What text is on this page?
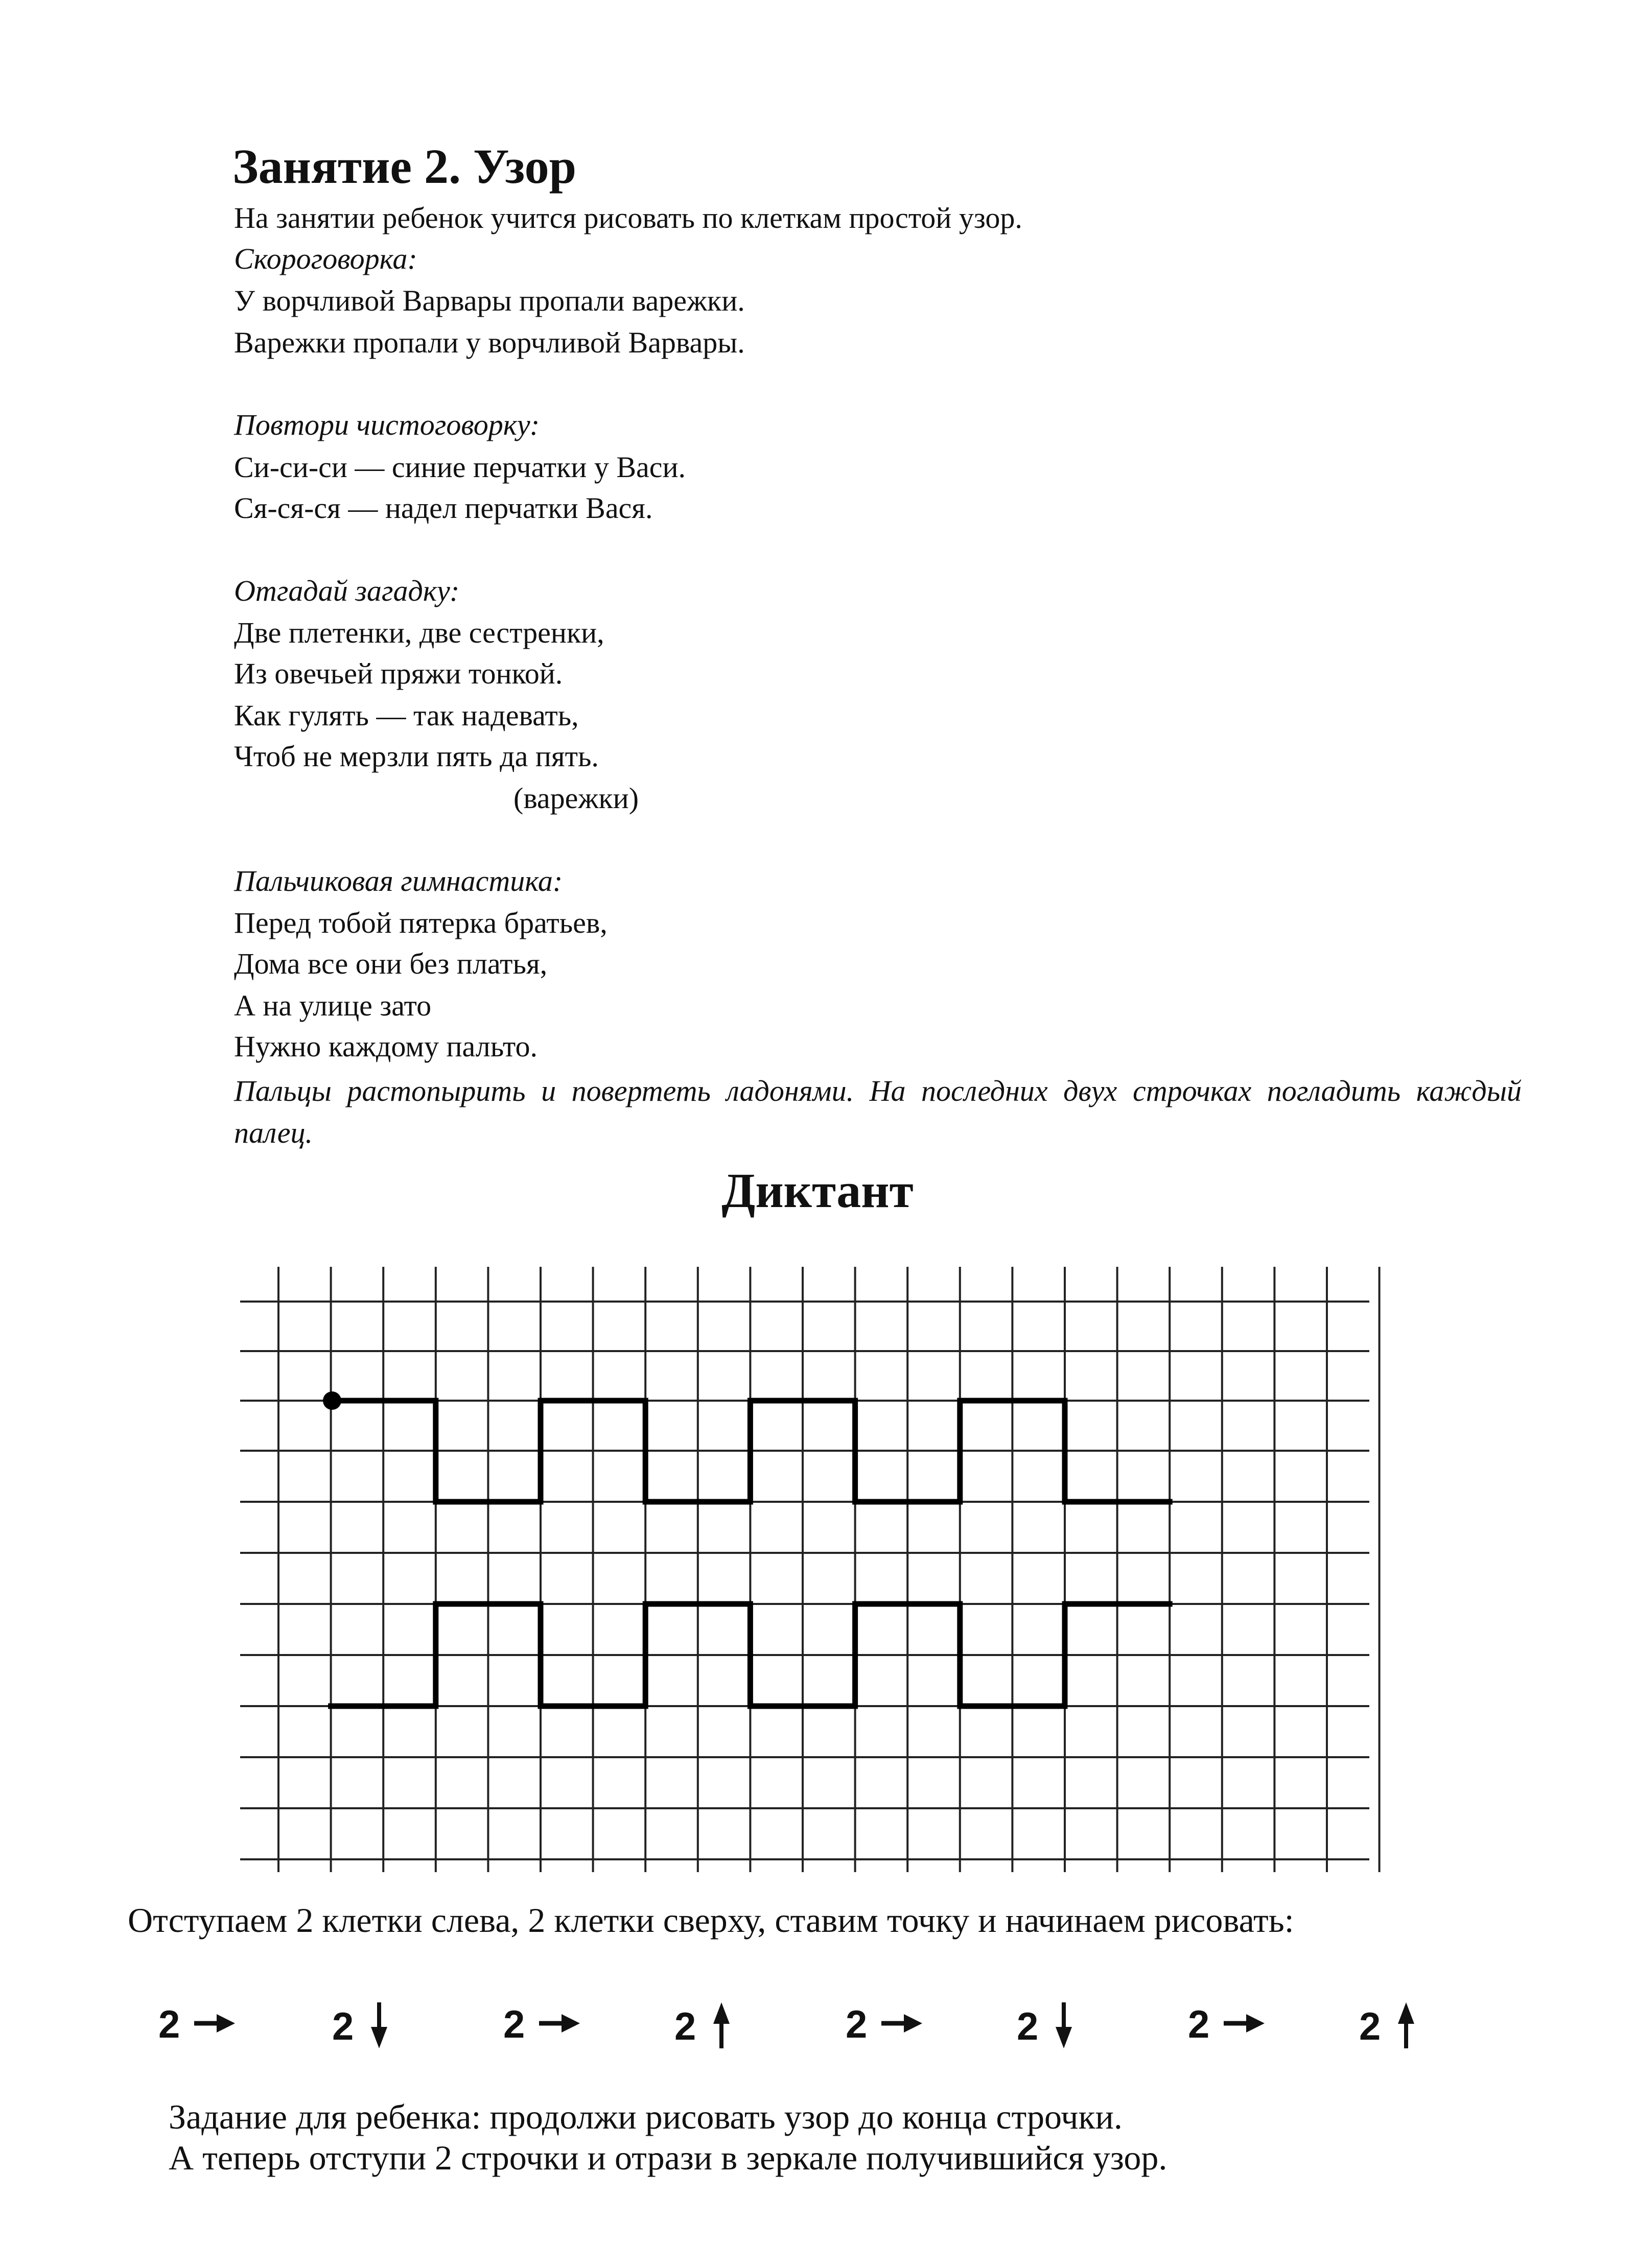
Занятие 2. Узор
На занятии ребенок учится рисовать по клеткам простой узор.
Скороговорка:
У ворчливой Варвары пропали варежки.
Варежки пропали у ворчливой Варвары.
Повтори чистоговорку:
Си-си-си — синие перчатки у Васи.
Ся-ся-ся — надел перчатки Вася.
Отгадай загадку:
Две плетенки, две сестренки,
Из овечьей пряжи тонкой.
Как гулять — так надевать,
Чтоб не мерзли пять да пять.
(варежки)
Пальчиковая гимнастика:
Перед тобой пятерка братьев,
Дома все они без платья,
А на улице зато
Нужно каждому пальто.
Пальцы растопырить и повертеть ладонями. На последних двух строчках погладить каждый палец.
Диктант
Отступаем 2 клетки слева, 2 клетки сверху, ставим точку и начинаем рисовать:
2	2	2	2	2	2	2	2
Задание для ребенка: продолжи рисовать узор до конца строчки.
А теперь отступи 2 строчки и отрази в зеркале получившийся узор.
